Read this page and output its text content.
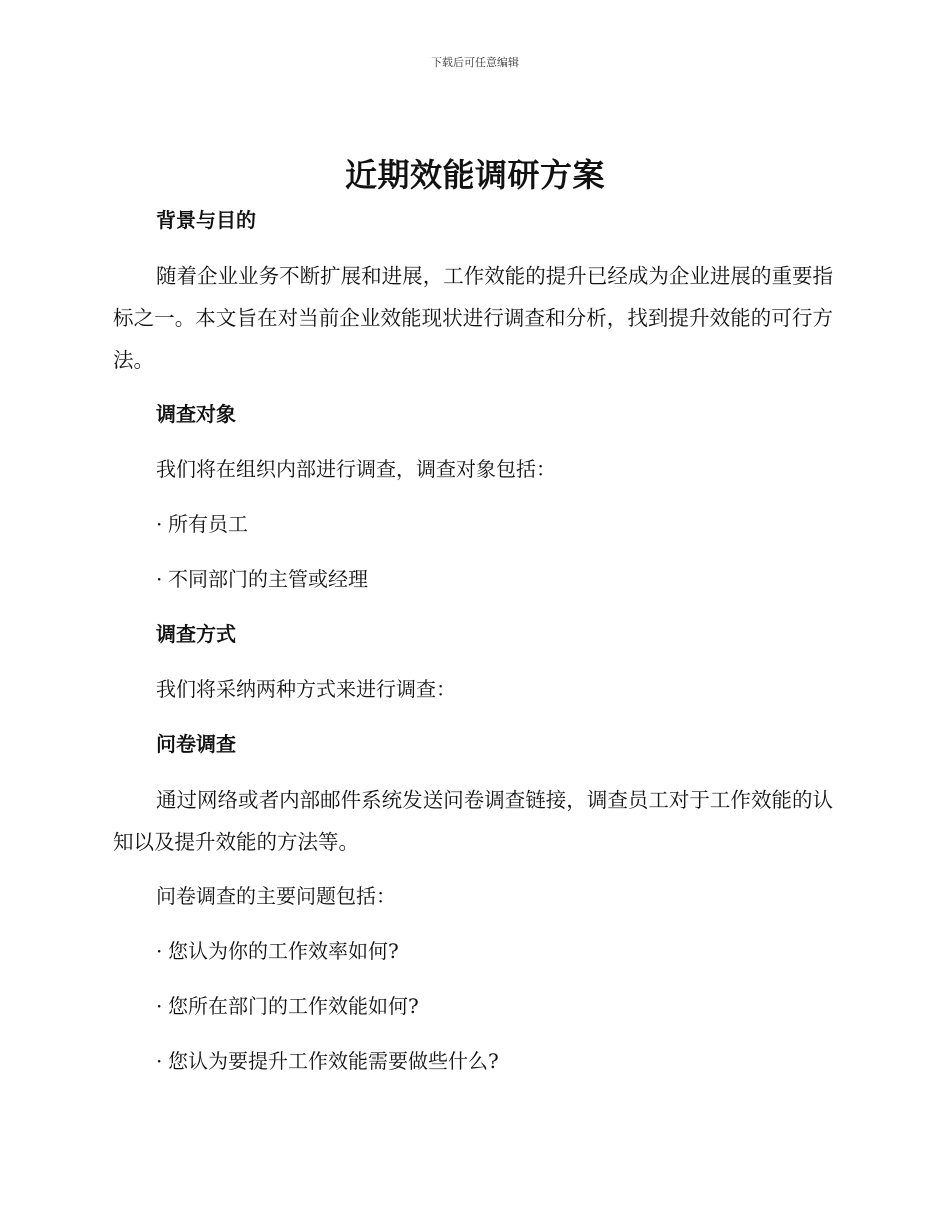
下载后可任意编辑
近期效能调研方案
背景与目的

随着企业业务不断扩展和进展，工作效能的提升已经成为企业进展的重要指标之一。本文旨在对当前企业效能现状进行调查和分析，找到提升效能的可行方法。

调查对象
我们将在组织内部进行调查，调查对象包括：
· 所有员工
· 不同部门的主管或经理
调查方式
我们将采纳两种方式来进行调查：
问卷调查

通过网络或者内部邮件系统发送问卷调查链接，调查员工对于工作效能的认知以及提升效能的方法等。

问卷调查的主要问题包括：
· 您认为你的工作效率如何?
· 您所在部门的工作效能如何?
· 您认为要提升工作效能需要做些什么?
